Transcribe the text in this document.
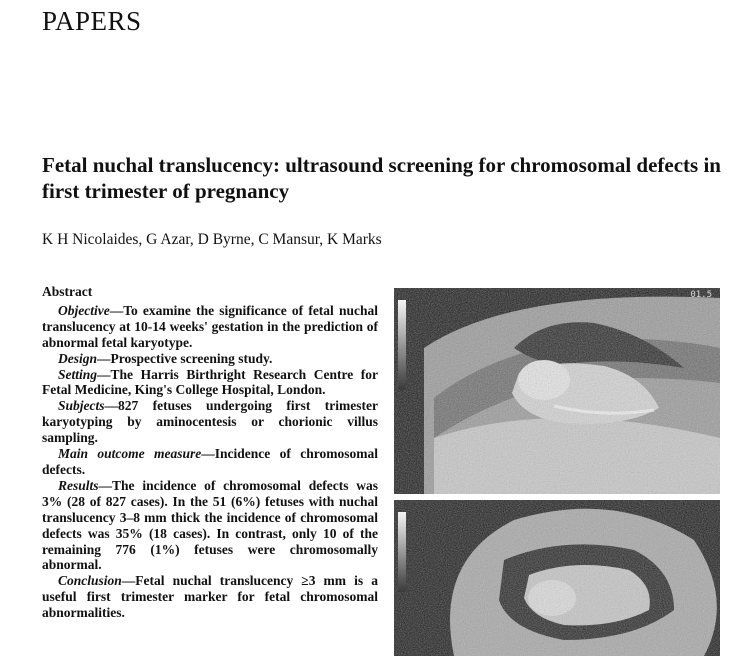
PAPERS
Fetal nuchal translucency: ultrasound screening for chromosomal defects in first trimester of pregnancy
K H Nicolaides, G Azar, D Byrne, C Mansur, K Marks
Abstract

Objective—To examine the significance of fetal nuchal translucency at 10-14 weeks' gestation in the prediction of abnormal fetal karyotype.

Design—Prospective screening study.

Setting—The Harris Birthright Research Centre for Fetal Medicine, King's College Hospital, London.

Subjects—827 fetuses undergoing first trimester karyotyping by aminocentesis or chorionic villus sampling.

Main outcome measure—Incidence of chromosomal defects.

Results—The incidence of chromosomal defects was 3% (28 of 827 cases). In the 51 (6%) fetuses with nuchal translucency 3–8 mm thick the incidence of chromosomal defects was 35% (18 cases). In contrast, only 10 of the remaining 776 (1%) fetuses were chromosomally abnormal.

Conclusion—Fetal nuchal translucency ≥3 mm is a useful first trimester marker for fetal chromosomal abnormalities.

01.5
